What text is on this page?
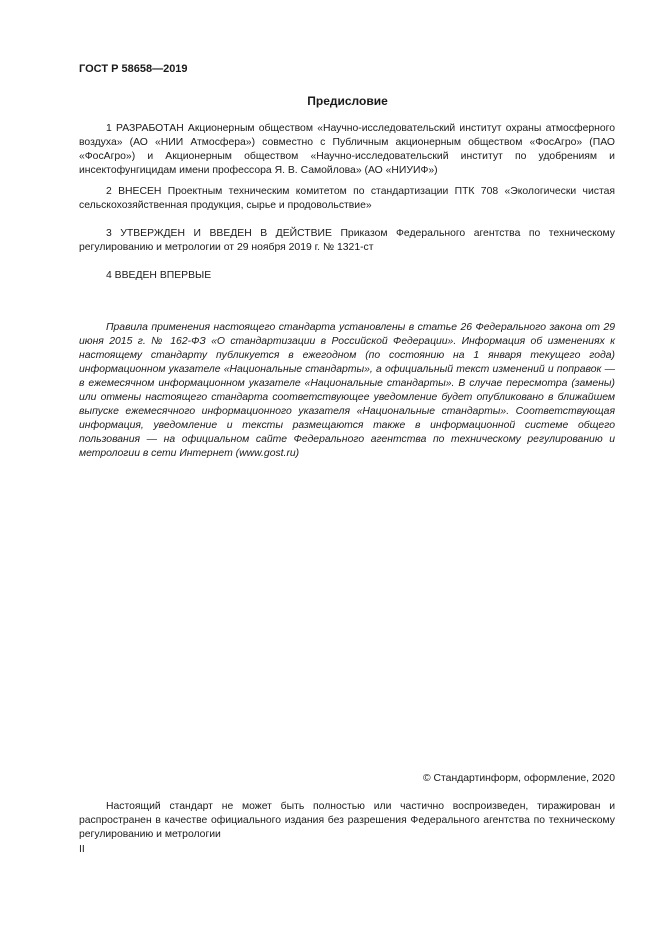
ГОСТ Р 58658—2019
Предисловие

1 РАЗРАБОТАН Акционерным обществом «Научно-исследовательский институт охраны атмосферного воздуха» (АО «НИИ Атмосфера») совместно с Публичным акционерным обществом «ФосАгро» (ПАО «ФосАгро») и Акционерным обществом «Научно-исследовательский институт по удобрениям и инсектофунгицидам имени профессора Я. В. Самойлова» (АО «НИУИФ»)

2 ВНЕСЕН Проектным техническим комитетом по стандартизации ПТК 708 «Экологически чистая сельскохозяйственная продукция, сырье и продовольствие»

3 УТВЕРЖДЕН И ВВЕДЕН В ДЕЙСТВИЕ Приказом Федерального агентства по техническому регулированию и метрологии от 29 ноября 2019 г. № 1321-ст

4 ВВЕДЕН ВПЕРВЫЕ

Правила применения настоящего стандарта установлены в статье 26 Федерального закона от 29 июня 2015 г. № 162-ФЗ «О стандартизации в Российской Федерации». Информация об изменениях к настоящему стандарту публикуется в ежегодном (по состоянию на 1 января текущего года) информационном указателе «Национальные стандарты», а официальный текст изменений и поправок — в ежемесячном информационном указателе «Национальные стандарты». В случае пересмотра (замены) или отмены настоящего стандарта соответствующее уведомление будет опубликовано в ближайшем выпуске ежемесячного информационного указателя «Национальные стандарты». Соответствующая информация, уведомление и тексты размещаются также в информационной системе общего пользования — на официальном сайте Федерального агентства по техническому регулированию и метрологии в сети Интернет (www.gost.ru)

© Стандартинформ, оформление, 2020

Настоящий стандарт не может быть полностью или частично воспроизведен, тиражирован и распространен в качестве официального издания без разрешения Федерального агентства по техническому регулированию и метрологии

II
